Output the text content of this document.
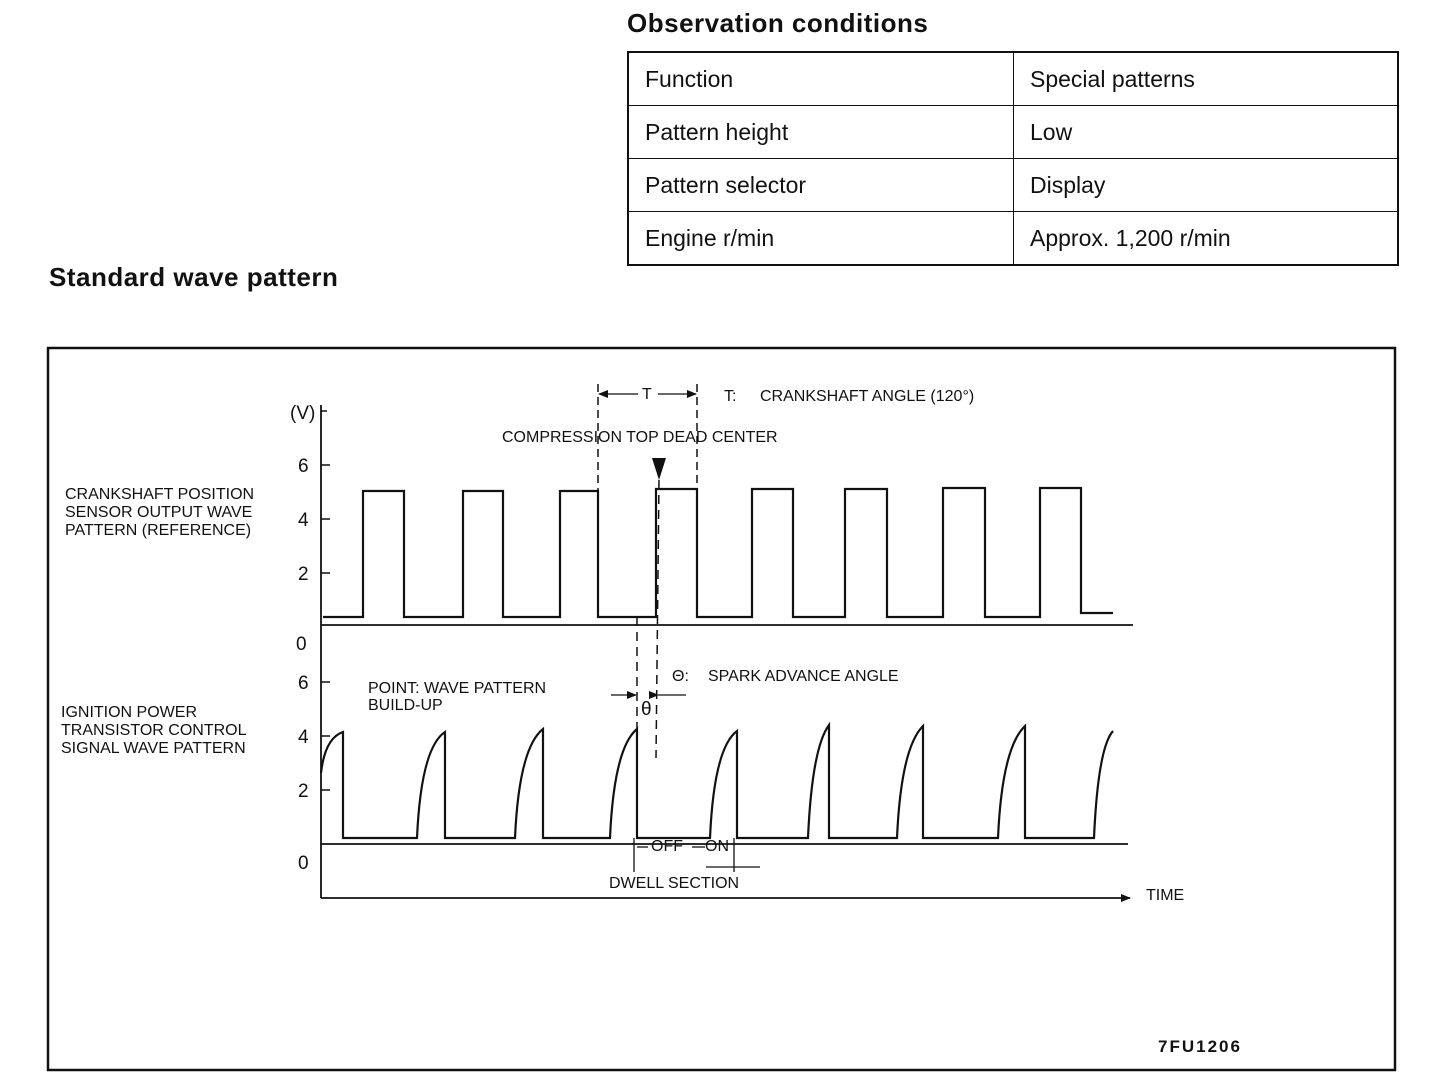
Observation conditions
Function	Special patterns
Pattern height	Low
Pattern selector	Display
Engine r/min	Approx. 1,200 r/min
Standard wave pattern
(V)
6
4
2
0
6
4
2
0
TIME
T	T: CRANKSHAFT ANGLE (120°)
COMPRESSION TOP DEAD CENTER
θ
Θ: SPARK ADVANCE ANGLE
POINT: WAVE PATTERN
BUILD-UP
CRANKSHAFT POSITION
SENSOR OUTPUT WAVE
PATTERN (REFERENCE)
IGNITION POWER
TRANSISTOR CONTROL
SIGNAL WAVE PATTERN
OFF ON
DWELL SECTION
7FU1206
